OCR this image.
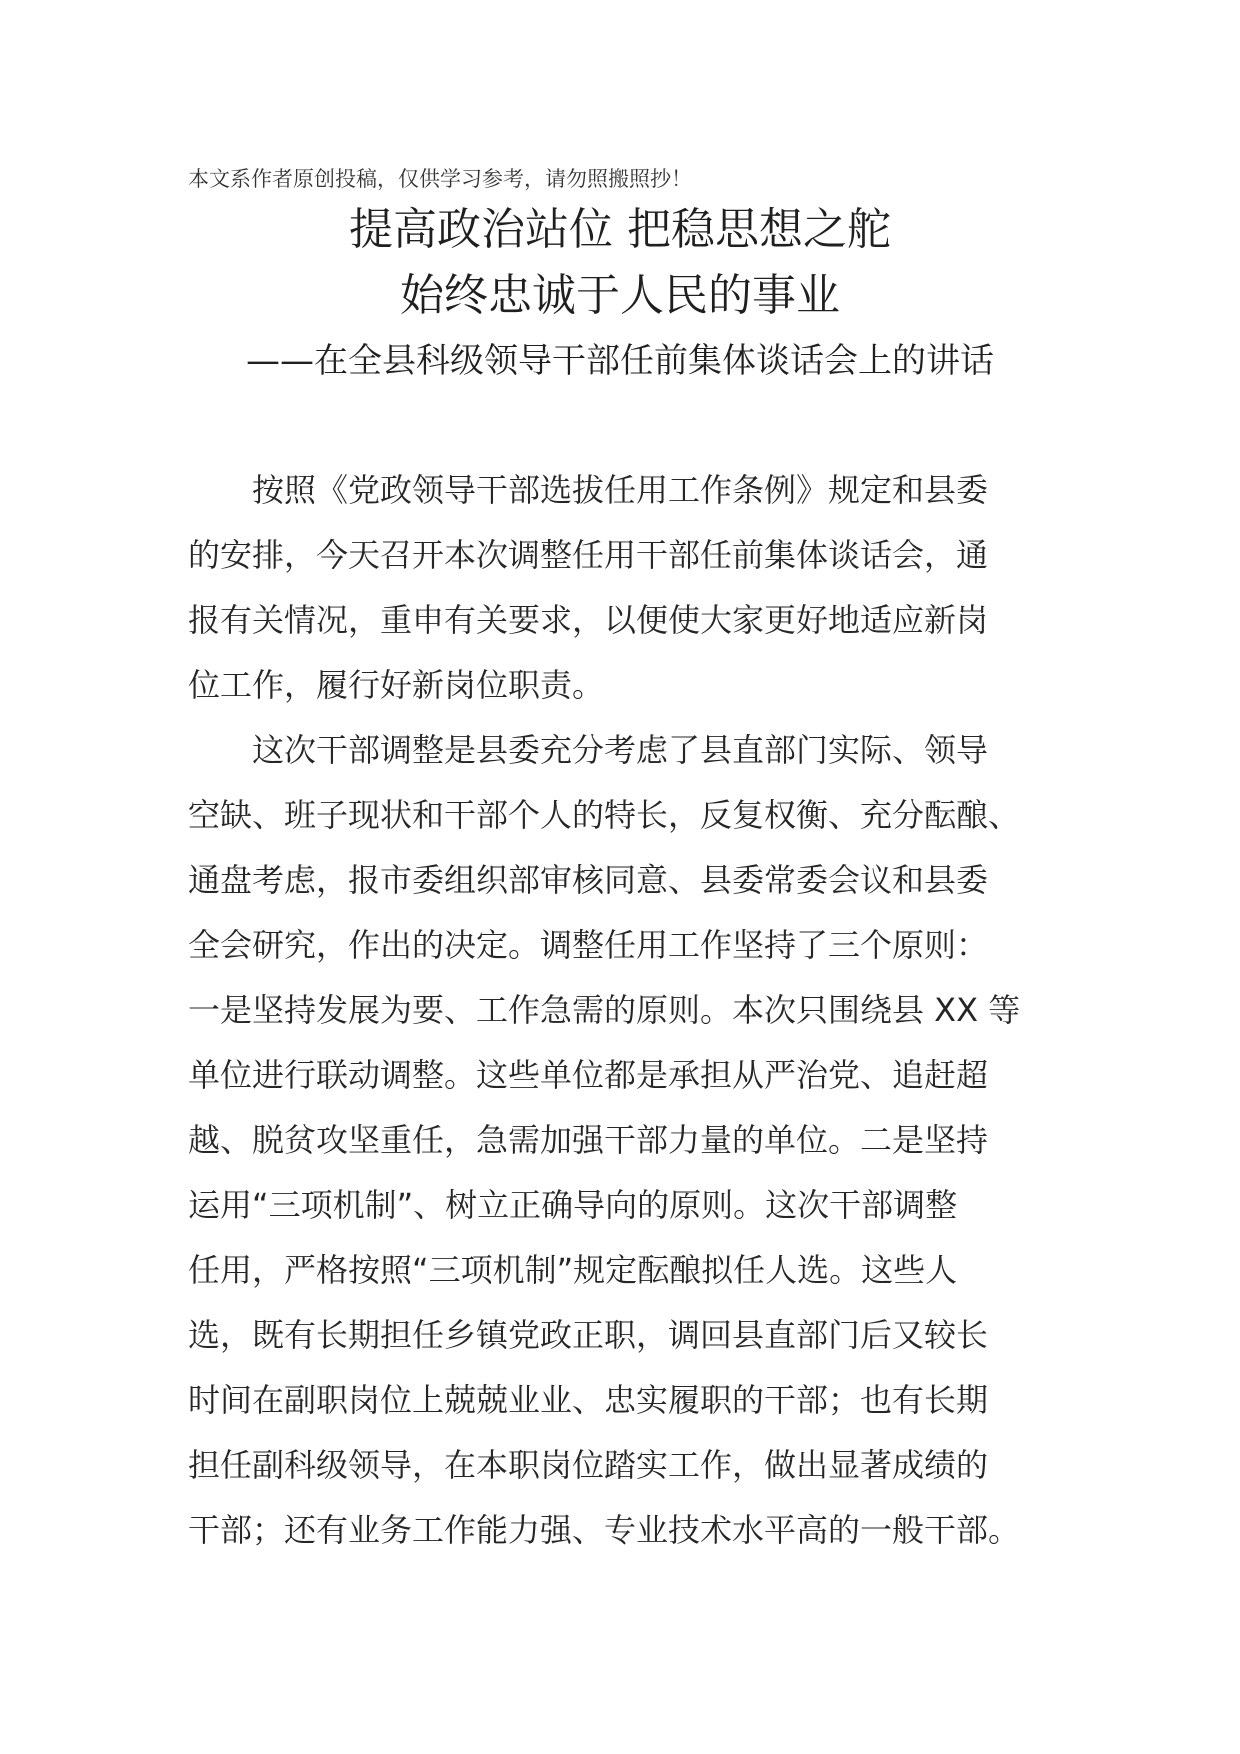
本文系作者原创投稿，仅供学习参考，请勿照搬照抄！
提高政治站位 把稳思想之舵
始终忠诚于人民的事业
——在全县科级领导干部任前集体谈话会上的讲话
　　按照《党政领导干部选拔任用工作条例》规定和县委
的安排，今天召开本次调整任用干部任前集体谈话会，通
报有关情况，重申有关要求，以便使大家更好地适应新岗
位工作，履行好新岗位职责。
　　这次干部调整是县委充分考虑了县直部门实际、领导
空缺、班子现状和干部个人的特长，反复权衡、充分酝酿、
通盘考虑，报市委组织部审核同意、县委常委会议和县委
全会研究，作出的决定。调整任用工作坚持了三个原则：
一是坚持发展为要、工作急需的原则。本次只围绕县 XX 等
单位进行联动调整。这些单位都是承担从严治党、追赶超
越、脱贫攻坚重任，急需加强干部力量的单位。二是坚持
运用“三项机制”、树立正确导向的原则。这次干部调整
任用，严格按照“三项机制”规定酝酿拟任人选。这些人
选，既有长期担任乡镇党政正职，调回县直部门后又较长
时间在副职岗位上兢兢业业、忠实履职的干部；也有长期
担任副科级领导，在本职岗位踏实工作，做出显著成绩的
干部；还有业务工作能力强、专业技术水平高的一般干部。
